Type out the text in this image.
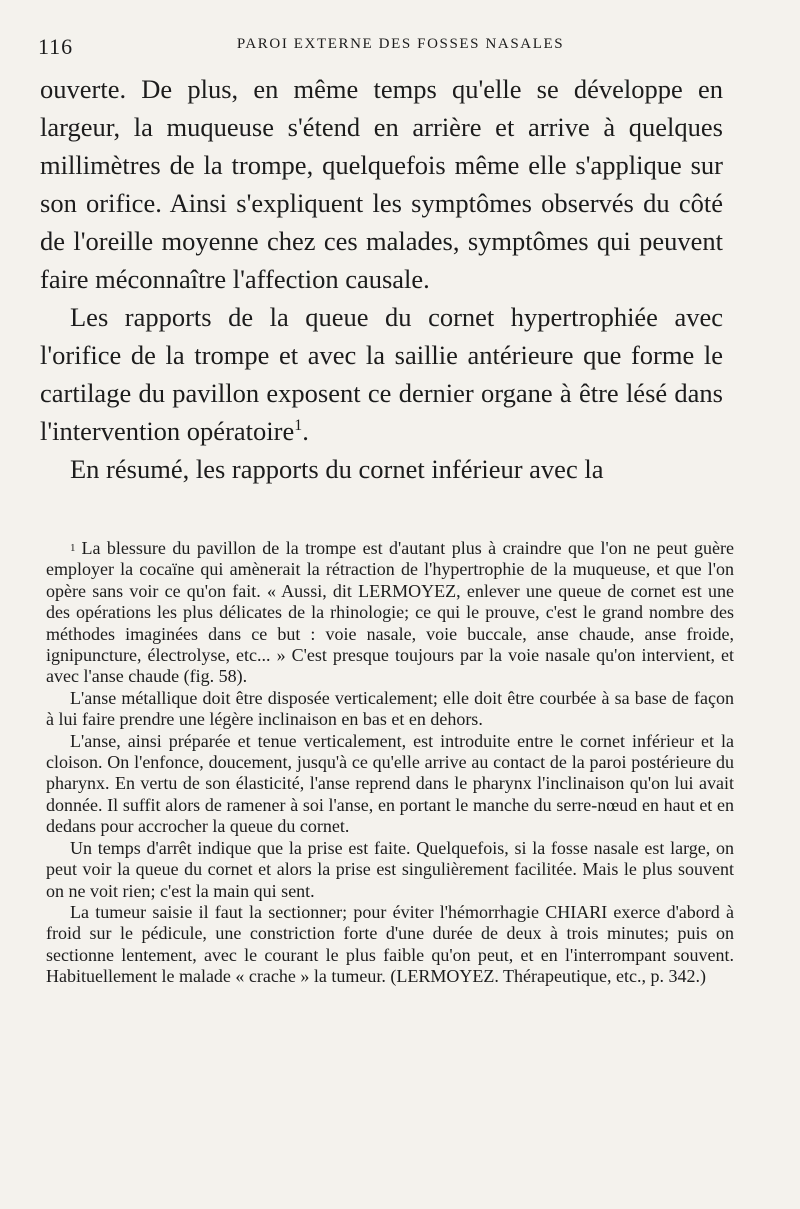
116	PAROI EXTERNE DES FOSSES NASALES

ouverte. De plus, en même temps qu'elle se développe en largeur, la muqueuse s'étend en arrière et arrive à quelques millimètres de la trompe, quelquefois même elle s'applique sur son orifice. Ainsi s'expliquent les symptômes observés du côté de l'oreille moyenne chez ces malades, symptômes qui peuvent faire méconnaître l'affection causale.

Les rapports de la queue du cornet hypertrophiée avec l'orifice de la trompe et avec la saillie antérieure que forme le cartilage du pavillon exposent ce dernier organe à être lésé dans l'intervention opératoire$^1$.

En résumé, les rapports du cornet inférieur avec la

1 La blessure du pavillon de la trompe est d'autant plus à craindre que l'on ne peut guère employer la cocaïne qui amènerait la rétraction de l'hypertrophie de la muqueuse, et que l'on opère sans voir ce qu'on fait. « Aussi, dit LERMOYEZ, enlever une queue de cornet est une des opérations les plus délicates de la rhinologie; ce qui le prouve, c'est le grand nombre des méthodes imaginées dans ce but : voie nasale, voie buccale, anse chaude, anse froide, ignipuncture, électrolyse, etc... » C'est presque toujours par la voie nasale qu'on intervient, et avec l'anse chaude (fig. 58).

L'anse métallique doit être disposée verticalement; elle doit être courbée à sa base de façon à lui faire prendre une légère inclinaison en bas et en dehors.

L'anse, ainsi préparée et tenue verticalement, est introduite entre le cornet inférieur et la cloison. On l'enfonce, doucement, jusqu'à ce qu'elle arrive au contact de la paroi postérieure du pharynx. En vertu de son élasticité, l'anse reprend dans le pharynx l'inclinaison qu'on lui avait donnée. Il suffit alors de ramener à soi l'anse, en portant le manche du serre-nœud en haut et en dedans pour accrocher la queue du cornet.

Un temps d'arrêt indique que la prise est faite. Quelquefois, si la fosse nasale est large, on peut voir la queue du cornet et alors la prise est singulièrement facilitée. Mais le plus souvent on ne voit rien; c'est la main qui sent.

La tumeur saisie il faut la sectionner; pour éviter l'hémorrhagie CHIARI exerce d'abord à froid sur le pédicule, une constriction forte d'une durée de deux à trois minutes; puis on sectionne lentement, avec le courant le plus faible qu'on peut, et en l'interrompant souvent. Habituellement le malade « crache » la tumeur. (LERMOYEZ. Thérapeutique, etc., p. 342.)
